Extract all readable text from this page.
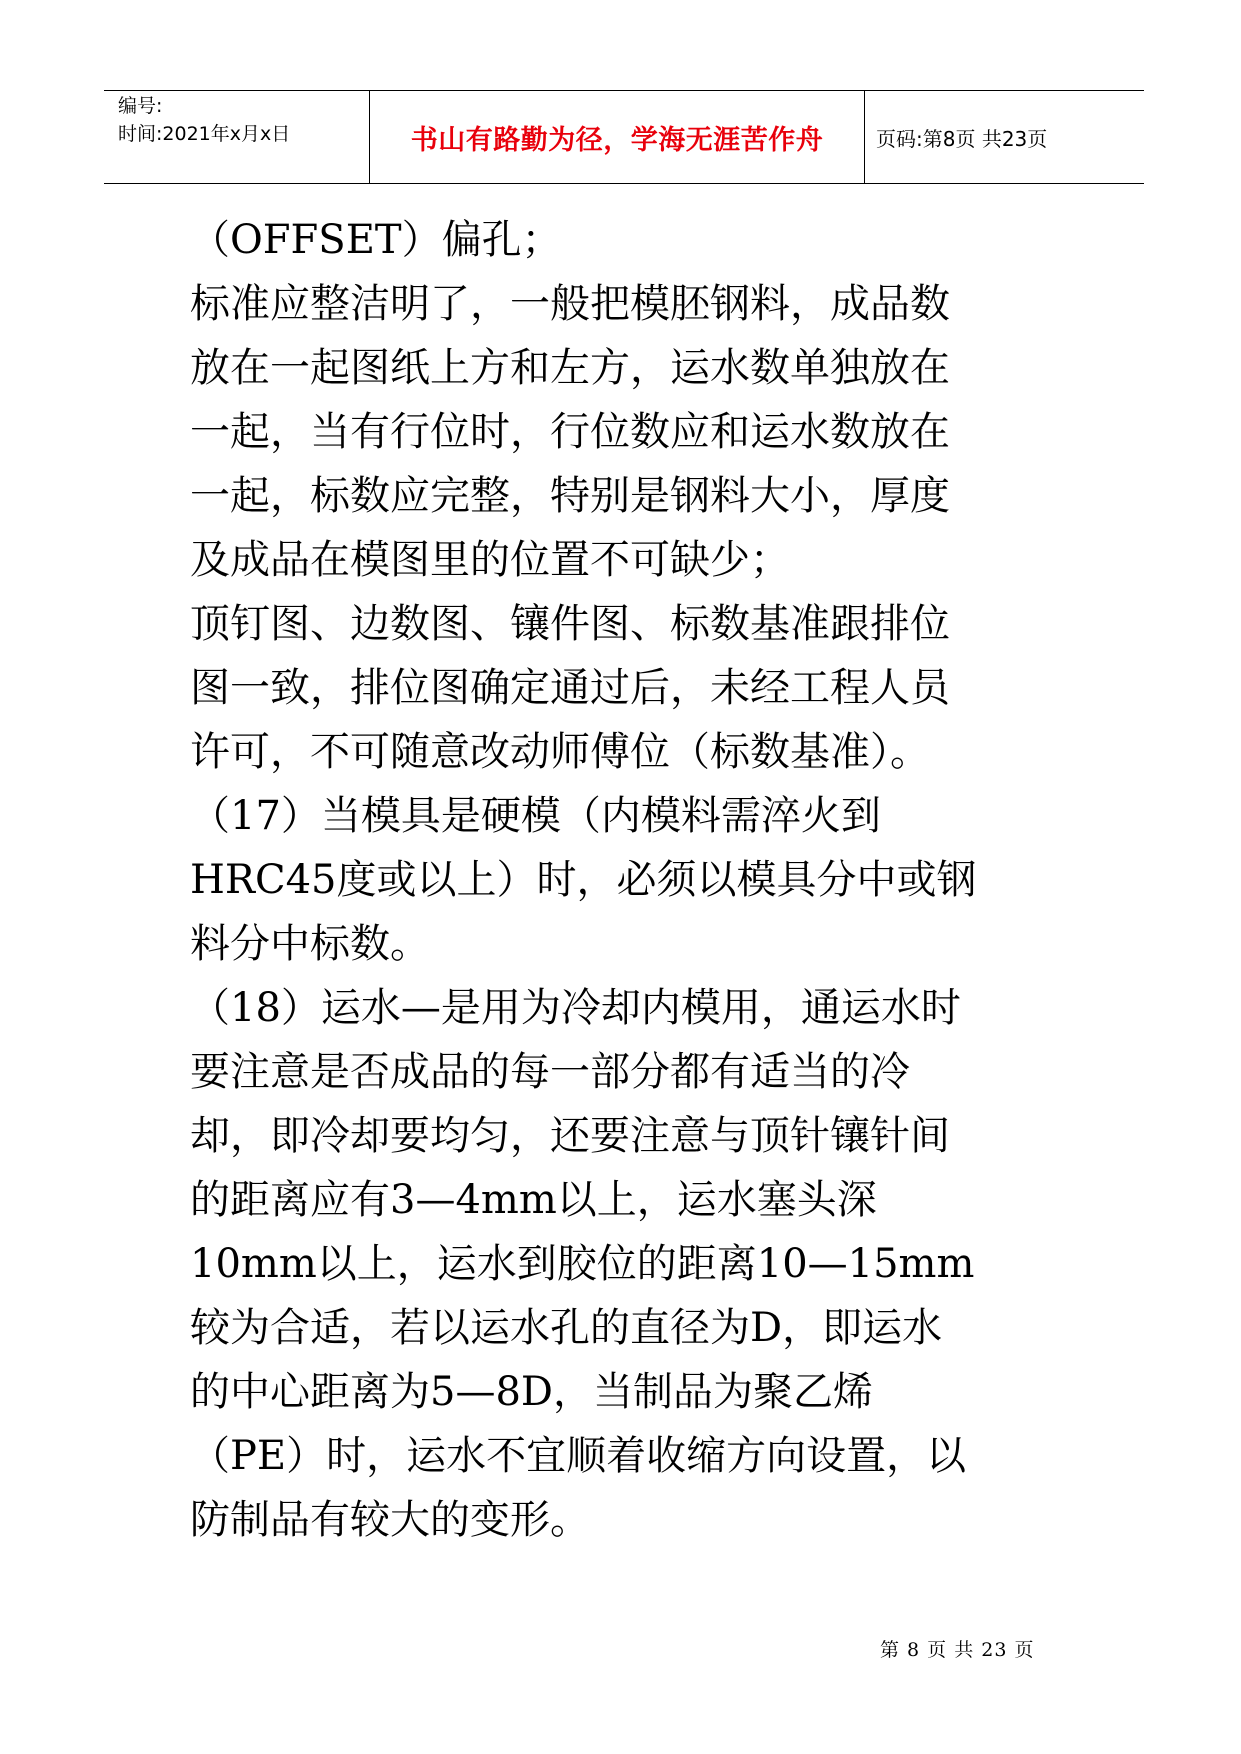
编号:
时间:2021年x月x日	书山有路勤为径，学海无涯苦作舟	页码:第8页 共23页
（OFFSET）偏孔；
标准应整洁明了，一般把模胚钢料，成品数
放在一起图纸上方和左方，运水数单独放在
一起，当有行位时，行位数应和运水数放在
一起，标数应完整，特别是钢料大小，厚度
及成品在模图里的位置不可缺少；
顶钉图、边数图、镶件图、标数基准跟排位
图一致，排位图确定通过后，未经工程人员
许可，不可随意改动师傅位（标数基准）。
（17）当模具是硬模（内模料需淬火到
HRC45度或以上）时，必须以模具分中或钢
料分中标数。
（18）运水—是用为冷却内模用，通运水时
要注意是否成品的每一部分都有适当的冷
却，即冷却要均匀，还要注意与顶针镶针间
的距离应有3—4mm以上，运水塞头深
10mm以上，运水到胶位的距离10—15mm
较为合适，若以运水孔的直径为D，即运水
的中心距离为5—8D，当制品为聚乙烯
（PE）时，运水不宜顺着收缩方向设置，以
防制品有较大的变形。
第 8 页 共 23 页
